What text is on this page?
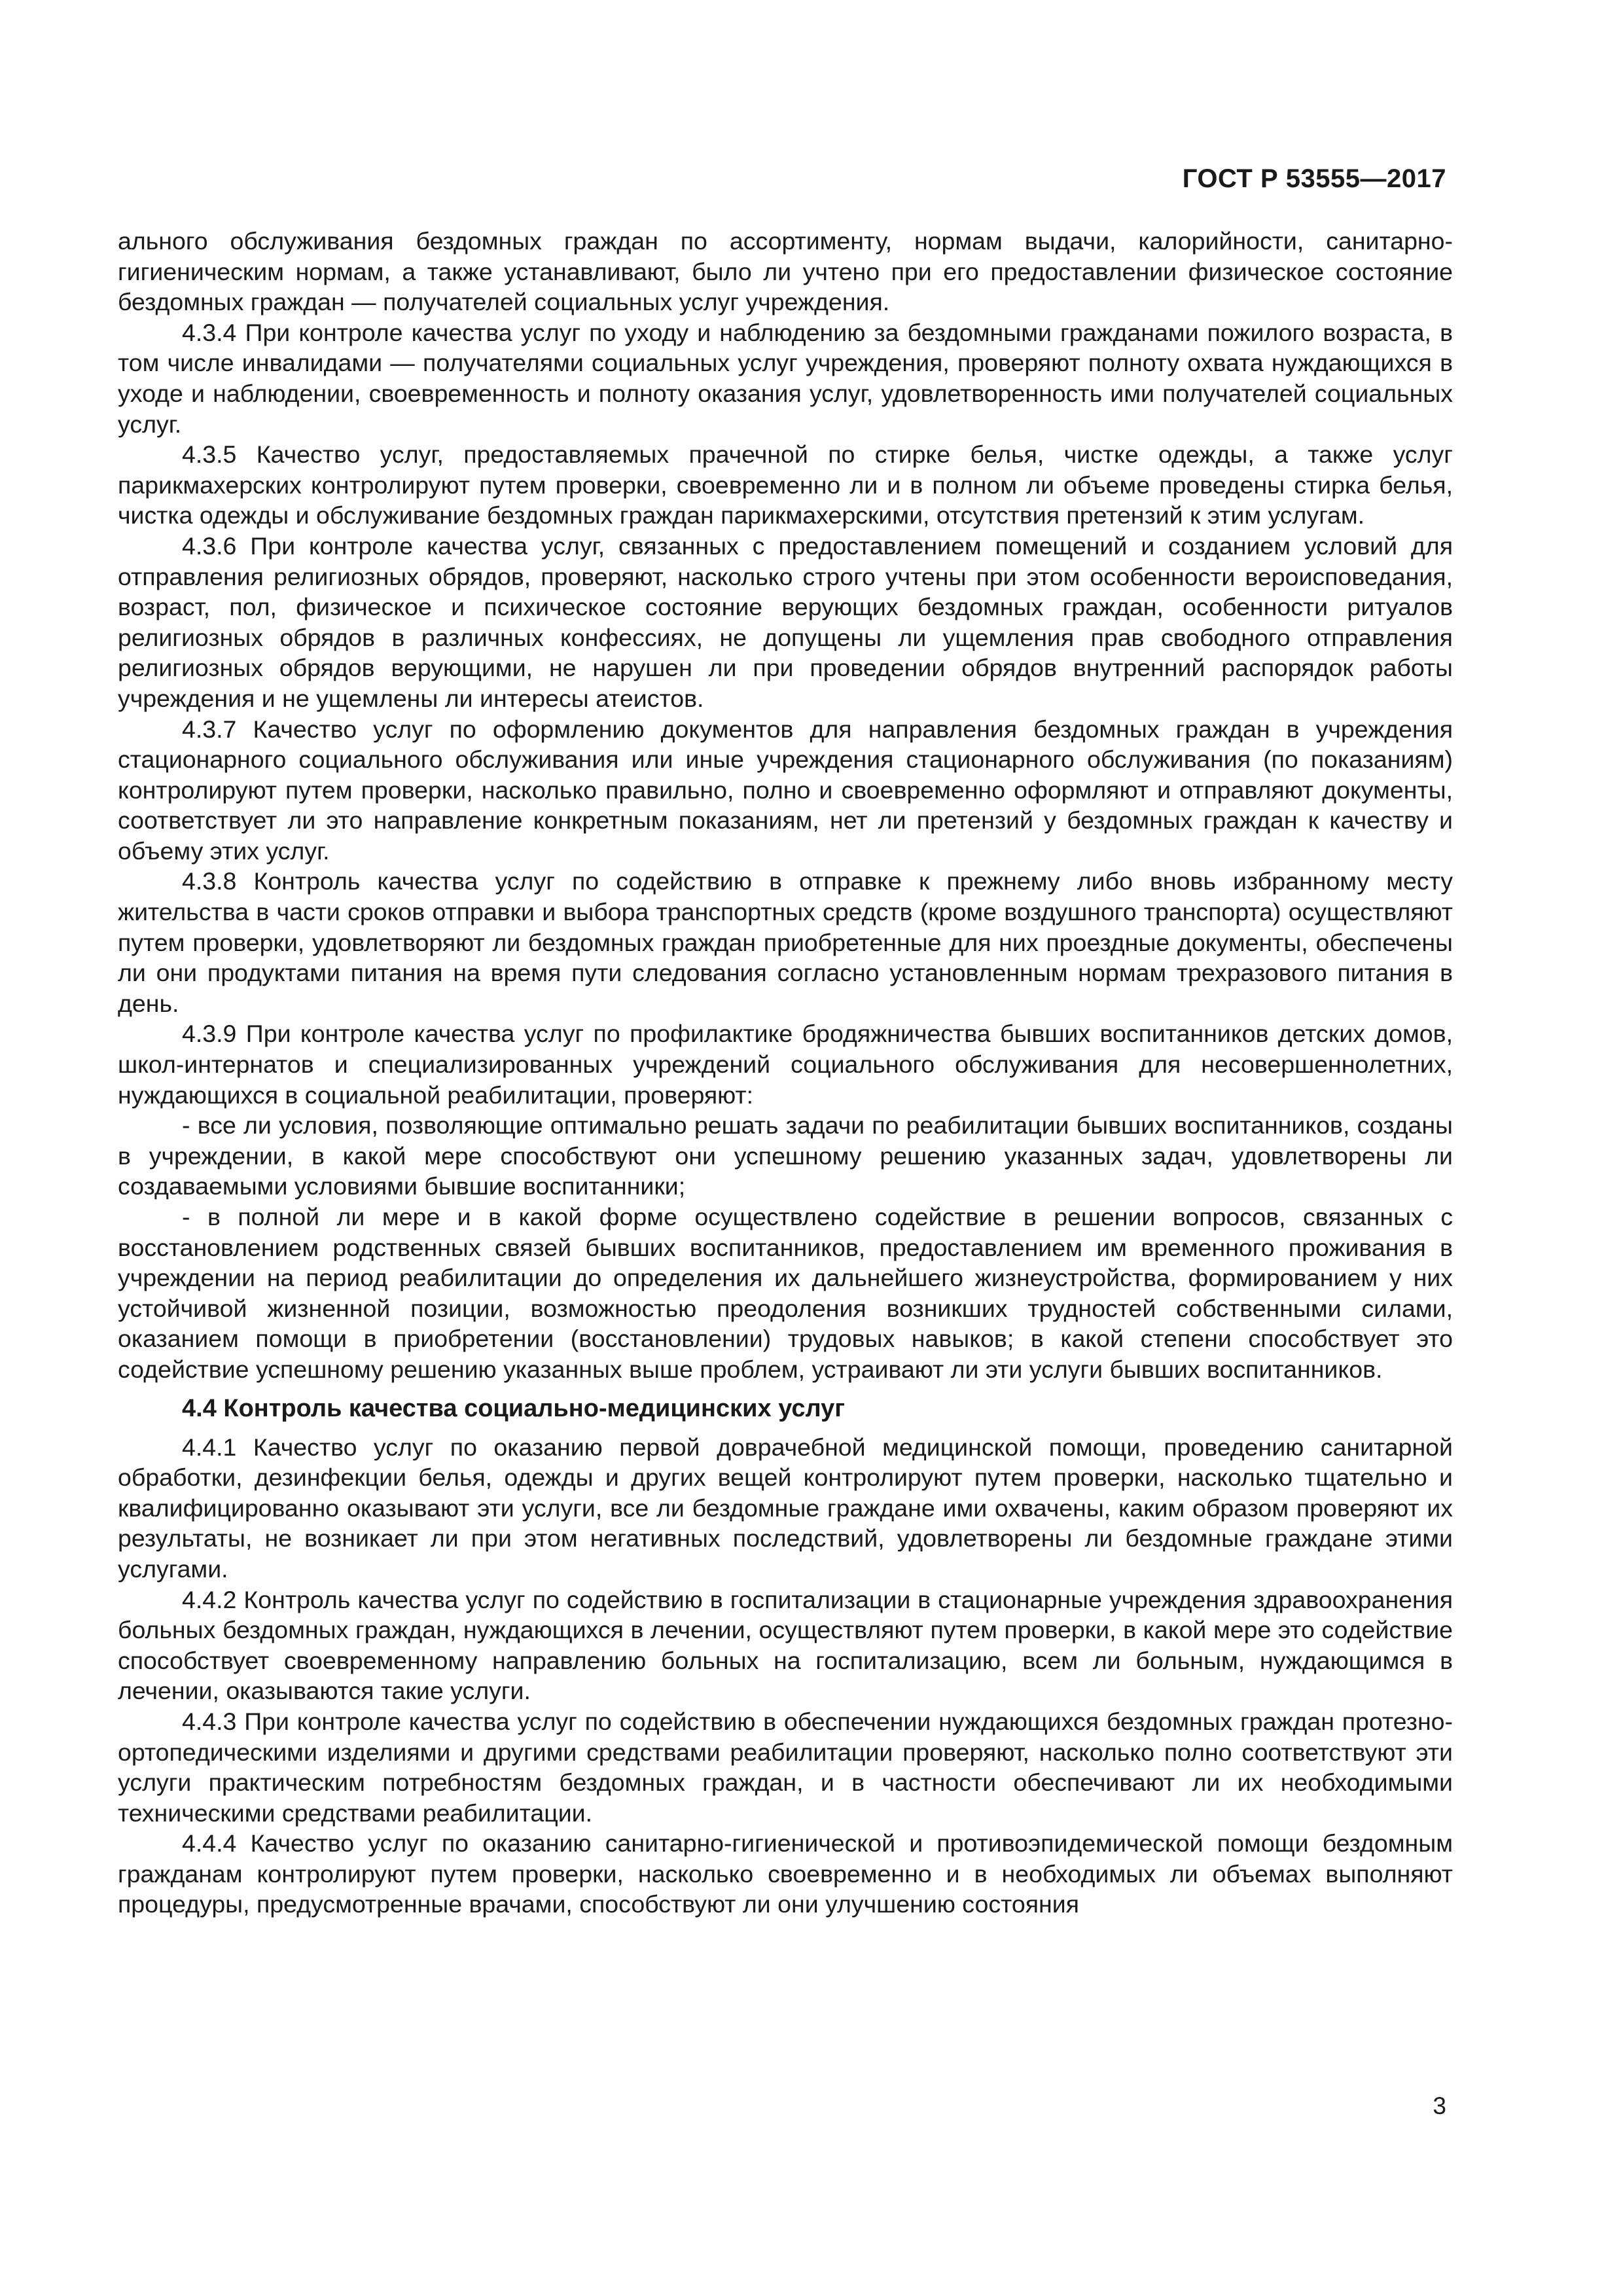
ГОСТ Р 53555—2017

ального обслуживания бездомных граждан по ассортименту, нормам выдачи, калорийности, санитарно-гигиеническим нормам, а также устанавливают, было ли учтено при его предоставлении физическое состояние бездомных граждан — получателей социальных услуг учреждения.

4.3.4 При контроле качества услуг по уходу и наблюдению за бездомными гражданами пожилого возраста, в том числе инвалидами — получателями социальных услуг учреждения, проверяют полноту охвата нуждающихся в уходе и наблюдении, своевременность и полноту оказания услуг, удовлетворенность ими получателей социальных услуг.

4.3.5 Качество услуг, предоставляемых прачечной по стирке белья, чистке одежды, а также услуг парикмахерских контролируют путем проверки, своевременно ли и в полном ли объеме проведены стирка белья, чистка одежды и обслуживание бездомных граждан парикмахерскими, отсутствия претензий к этим услугам.

4.3.6 При контроле качества услуг, связанных с предоставлением помещений и созданием условий для отправления религиозных обрядов, проверяют, насколько строго учтены при этом особенности вероисповедания, возраст, пол, физическое и психическое состояние верующих бездомных граждан, особенности ритуалов религиозных обрядов в различных конфессиях, не допущены ли ущемления прав свободного отправления религиозных обрядов верующими, не нарушен ли при проведении обрядов внутренний распорядок работы учреждения и не ущемлены ли интересы атеистов.

4.3.7 Качество услуг по оформлению документов для направления бездомных граждан в учреждения стационарного социального обслуживания или иные учреждения стационарного обслуживания (по показаниям) контролируют путем проверки, насколько правильно, полно и своевременно оформляют и отправляют документы, соответствует ли это направление конкретным показаниям, нет ли претензий у бездомных граждан к качеству и объему этих услуг.

4.3.8 Контроль качества услуг по содействию в отправке к прежнему либо вновь избранному месту жительства в части сроков отправки и выбора транспортных средств (кроме воздушного транспорта) осуществляют путем проверки, удовлетворяют ли бездомных граждан приобретенные для них проездные документы, обеспечены ли они продуктами питания на время пути следования согласно установленным нормам трехразового питания в день.

4.3.9 При контроле качества услуг по профилактике бродяжничества бывших воспитанников детских домов, школ-интернатов и специализированных учреждений социального обслуживания для несовершеннолетних, нуждающихся в социальной реабилитации, проверяют:

- все ли условия, позволяющие оптимально решать задачи по реабилитации бывших воспитанников, созданы в учреждении, в какой мере способствуют они успешному решению указанных задач, удовлетворены ли создаваемыми условиями бывшие воспитанники;

- в полной ли мере и в какой форме осуществлено содействие в решении вопросов, связанных с восстановлением родственных связей бывших воспитанников, предоставлением им временного проживания в учреждении на период реабилитации до определения их дальнейшего жизнеустройства, формированием у них устойчивой жизненной позиции, возможностью преодоления возникших трудностей собственными силами, оказанием помощи в приобретении (восстановлении) трудовых навыков; в какой степени способствует это содействие успешному решению указанных выше проблем, устраивают ли эти услуги бывших воспитанников.

4.4 Контроль качества социально-медицинских услуг

4.4.1 Качество услуг по оказанию первой доврачебной медицинской помощи, проведению санитарной обработки, дезинфекции белья, одежды и других вещей контролируют путем проверки, насколько тщательно и квалифицированно оказывают эти услуги, все ли бездомные граждане ими охвачены, каким образом проверяют их результаты, не возникает ли при этом негативных последствий, удовлетворены ли бездомные граждане этими услугами.

4.4.2 Контроль качества услуг по содействию в госпитализации в стационарные учреждения здравоохранения больных бездомных граждан, нуждающихся в лечении, осуществляют путем проверки, в какой мере это содействие способствует своевременному направлению больных на госпитализацию, всем ли больным, нуждающимся в лечении, оказываются такие услуги.

4.4.3 При контроле качества услуг по содействию в обеспечении нуждающихся бездомных граждан протезно-ортопедическими изделиями и другими средствами реабилитации проверяют, насколько полно соответствуют эти услуги практическим потребностям бездомных граждан, и в частности обеспечивают ли их необходимыми техническими средствами реабилитации.

4.4.4 Качество услуг по оказанию санитарно-гигиенической и противоэпидемической помощи бездомным гражданам контролируют путем проверки, насколько своевременно и в необходимых ли объемах выполняют процедуры, предусмотренные врачами, способствуют ли они улучшению состояния

3
